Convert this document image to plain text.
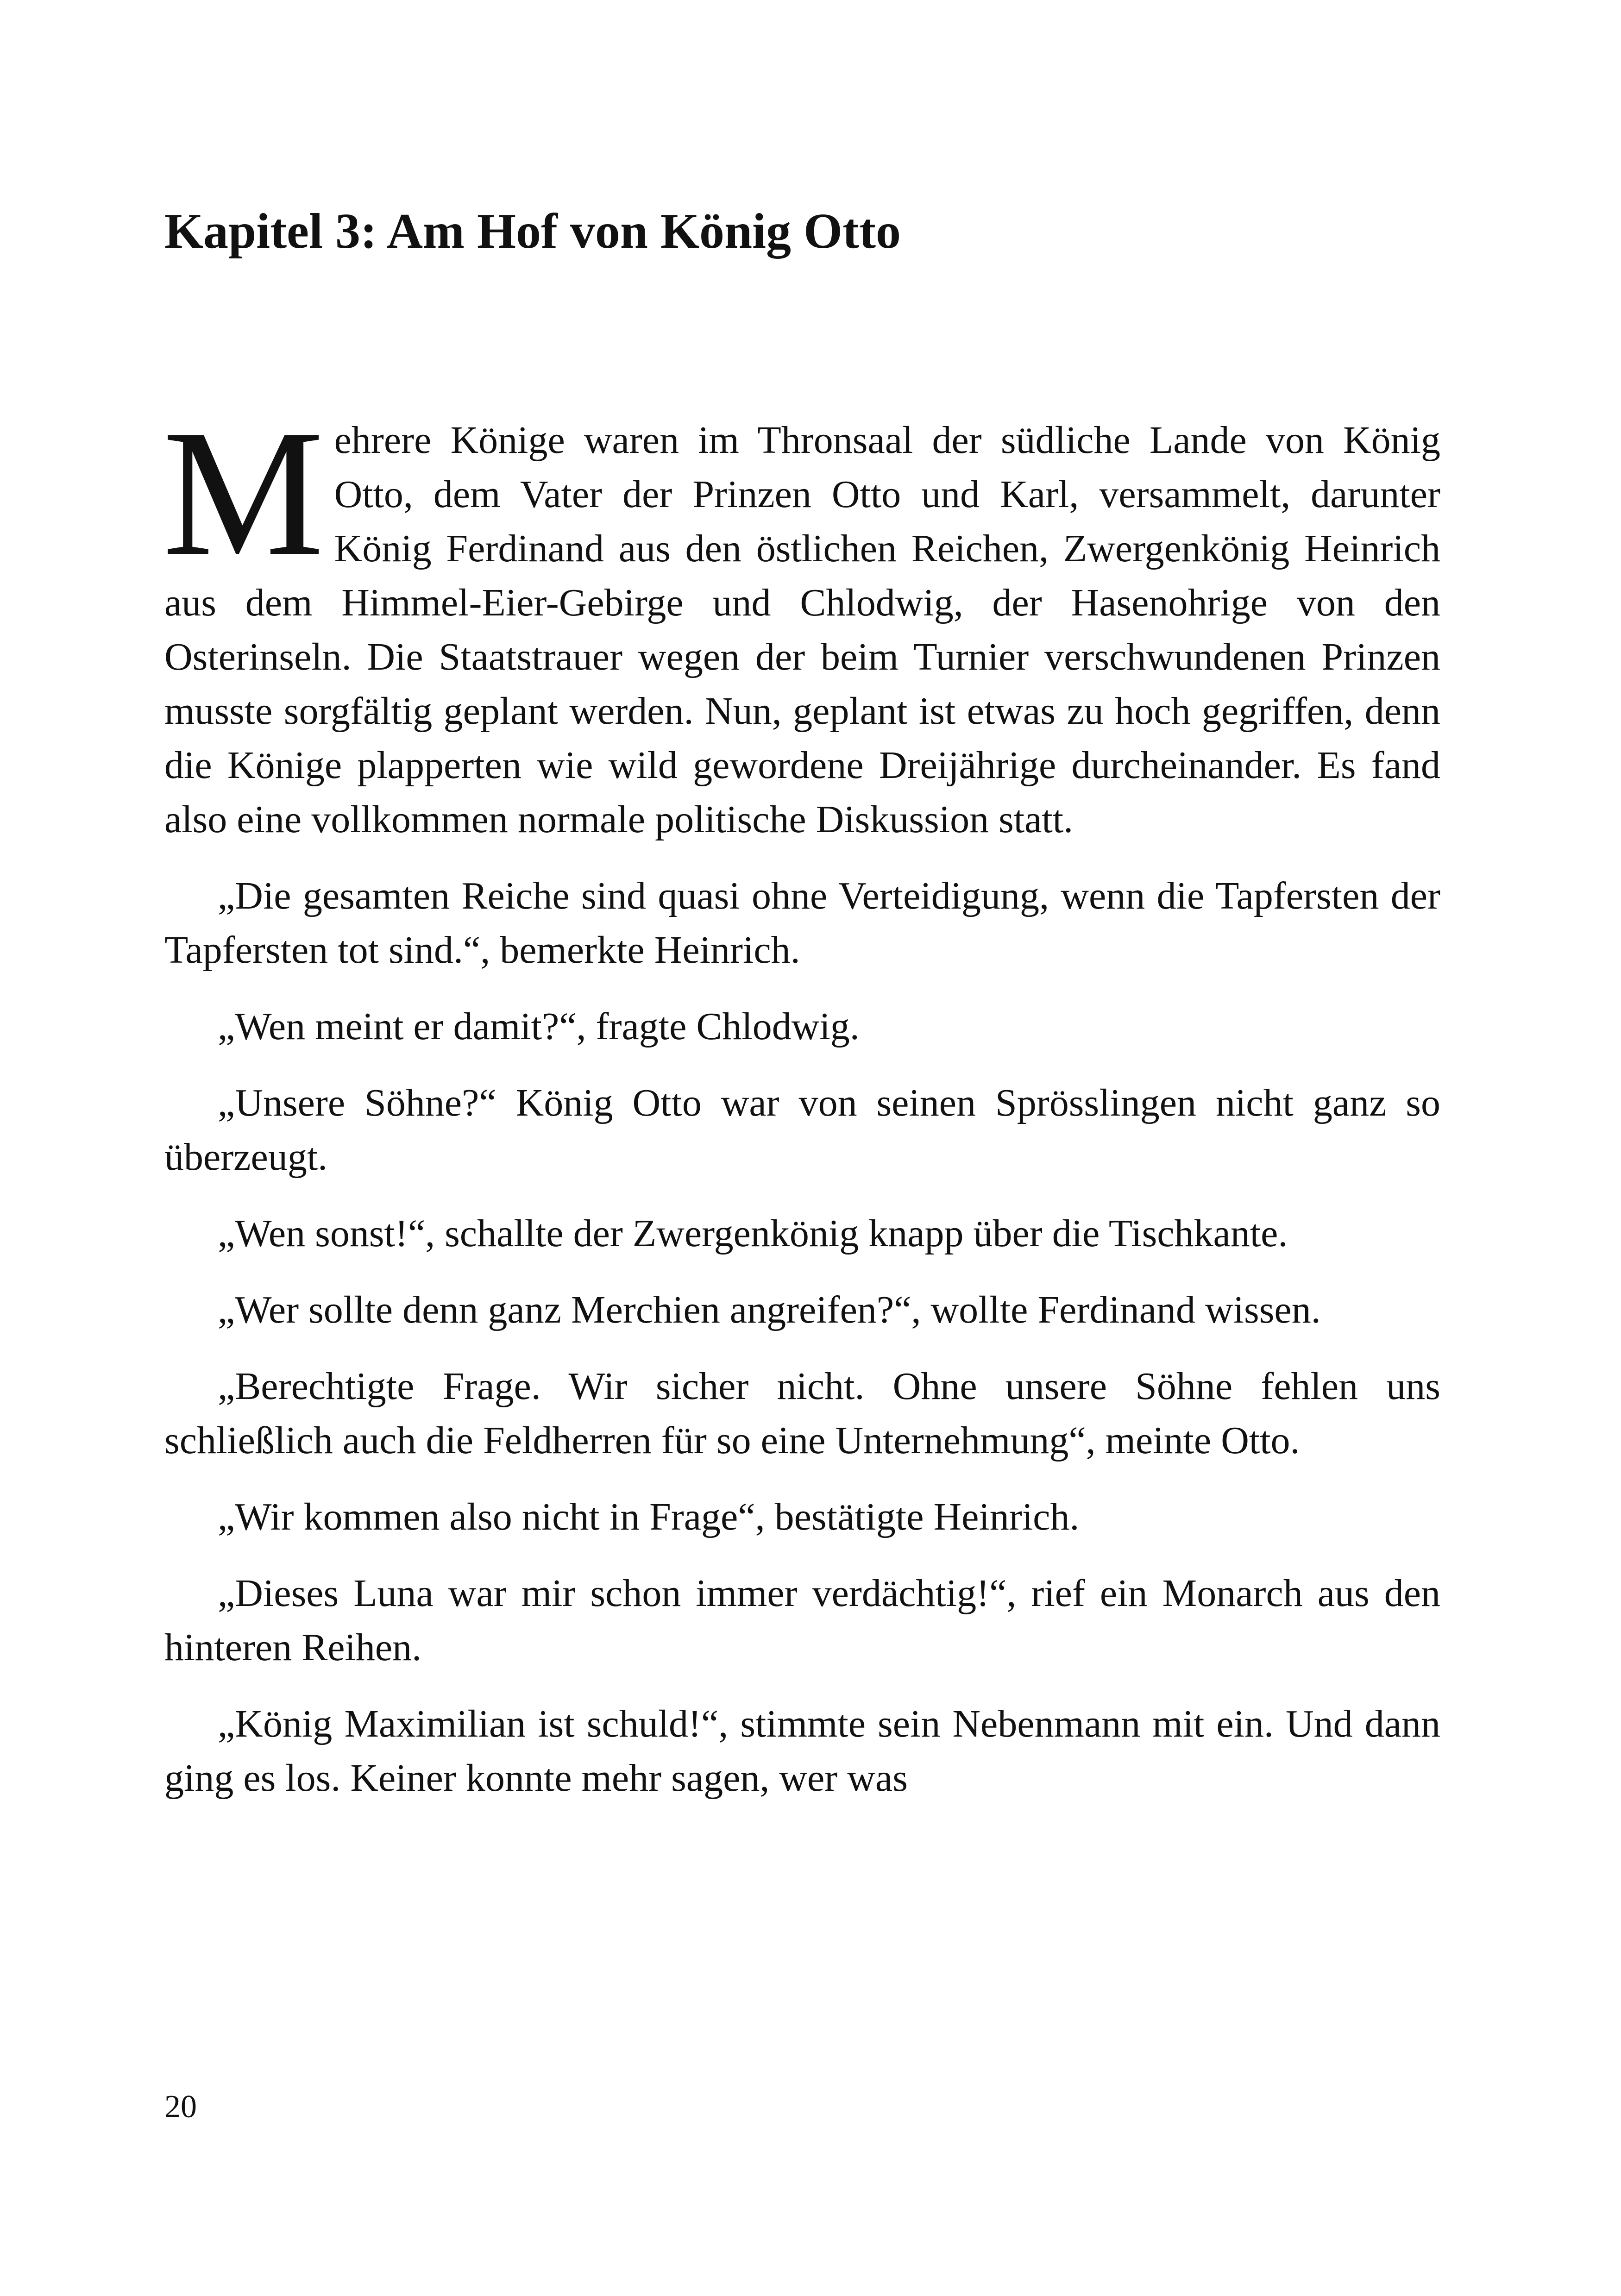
Kapitel 3: Am Hof von König Otto

Mehrere Könige waren im Thronsaal der südliche Lande von König Otto, dem Vater der Prinzen Otto und Karl, versammelt, darunter König Ferdinand aus den östlichen Reichen, Zwergenkönig Heinrich aus dem Himmel-Eier-Gebirge und Chlodwig, der Hasenohrige von den Osterinseln. Die Staatstrauer wegen der beim Turnier verschwundenen Prinzen musste sorgfältig geplant werden. Nun, geplant ist etwas zu hoch gegriffen, denn die Könige plapperten wie wild gewordene Dreijährige durcheinander. Es fand also eine vollkommen normale politische Diskussion statt.

„Die gesamten Reiche sind quasi ohne Verteidigung, wenn die Tapfersten der Tapfersten tot sind.“, bemerkte Heinrich.

„Wen meint er damit?“, fragte Chlodwig.

„Unsere Söhne?“ König Otto war von seinen Sprösslingen nicht ganz so überzeugt.

„Wen sonst!“, schallte der Zwergenkönig knapp über die Tischkante.

„Wer sollte denn ganz Merchien angreifen?“, wollte Ferdinand wissen.

„Berechtigte Frage. Wir sicher nicht. Ohne unsere Söhne fehlen uns schließlich auch die Feldherren für so eine Unternehmung“, meinte Otto.

„Wir kommen also nicht in Frage“, bestätigte Heinrich.

„Dieses Luna war mir schon immer verdächtig!“, rief ein Monarch aus den hinteren Reihen.

„König Maximilian ist schuld!“, stimmte sein Nebenmann mit ein. Und dann ging es los. Keiner konnte mehr sagen, wer was

20
